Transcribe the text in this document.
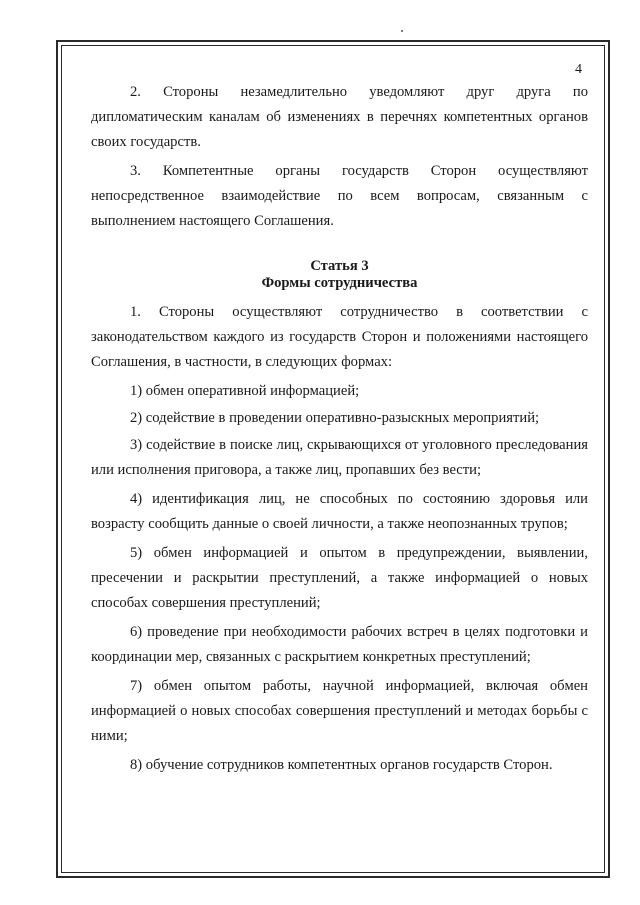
4

2. Стороны незамедлительно уведомляют друг друга по дипломатическим каналам об изменениях в перечнях компетентных органов своих государств.

3. Компетентные органы государств Сторон осуществляют непосредственное взаимодействие по всем вопросам, связанным с выполнением настоящего Соглашения.

Статья 3

Формы сотрудничества

1. Стороны осуществляют сотрудничество в соответствии с законодательством каждого из государств Сторон и положениями настоящего Соглашения, в частности, в следующих формах:

1) обмен оперативной информацией;

2) содействие в проведении оперативно-разыскных мероприятий;

3) содействие в поиске лиц, скрывающихся от уголовного преследования или исполнения приговора, а также лиц, пропавших без вести;

4) идентификация лиц, не способных по состоянию здоровья или возрасту сообщить данные о своей личности, а также неопознанных трупов;

5) обмен информацией и опытом в предупреждении, выявлении, пресечении и раскрытии преступлений, а также информацией о новых способах совершения преступлений;

6) проведение при необходимости рабочих встреч в целях подготовки и координации мер, связанных с раскрытием конкретных преступлений;

7) обмен опытом работы, научной информацией, включая обмен информацией о новых способах совершения преступлений и методах борьбы с ними;

8) обучение сотрудников компетентных органов государств Сторон.
